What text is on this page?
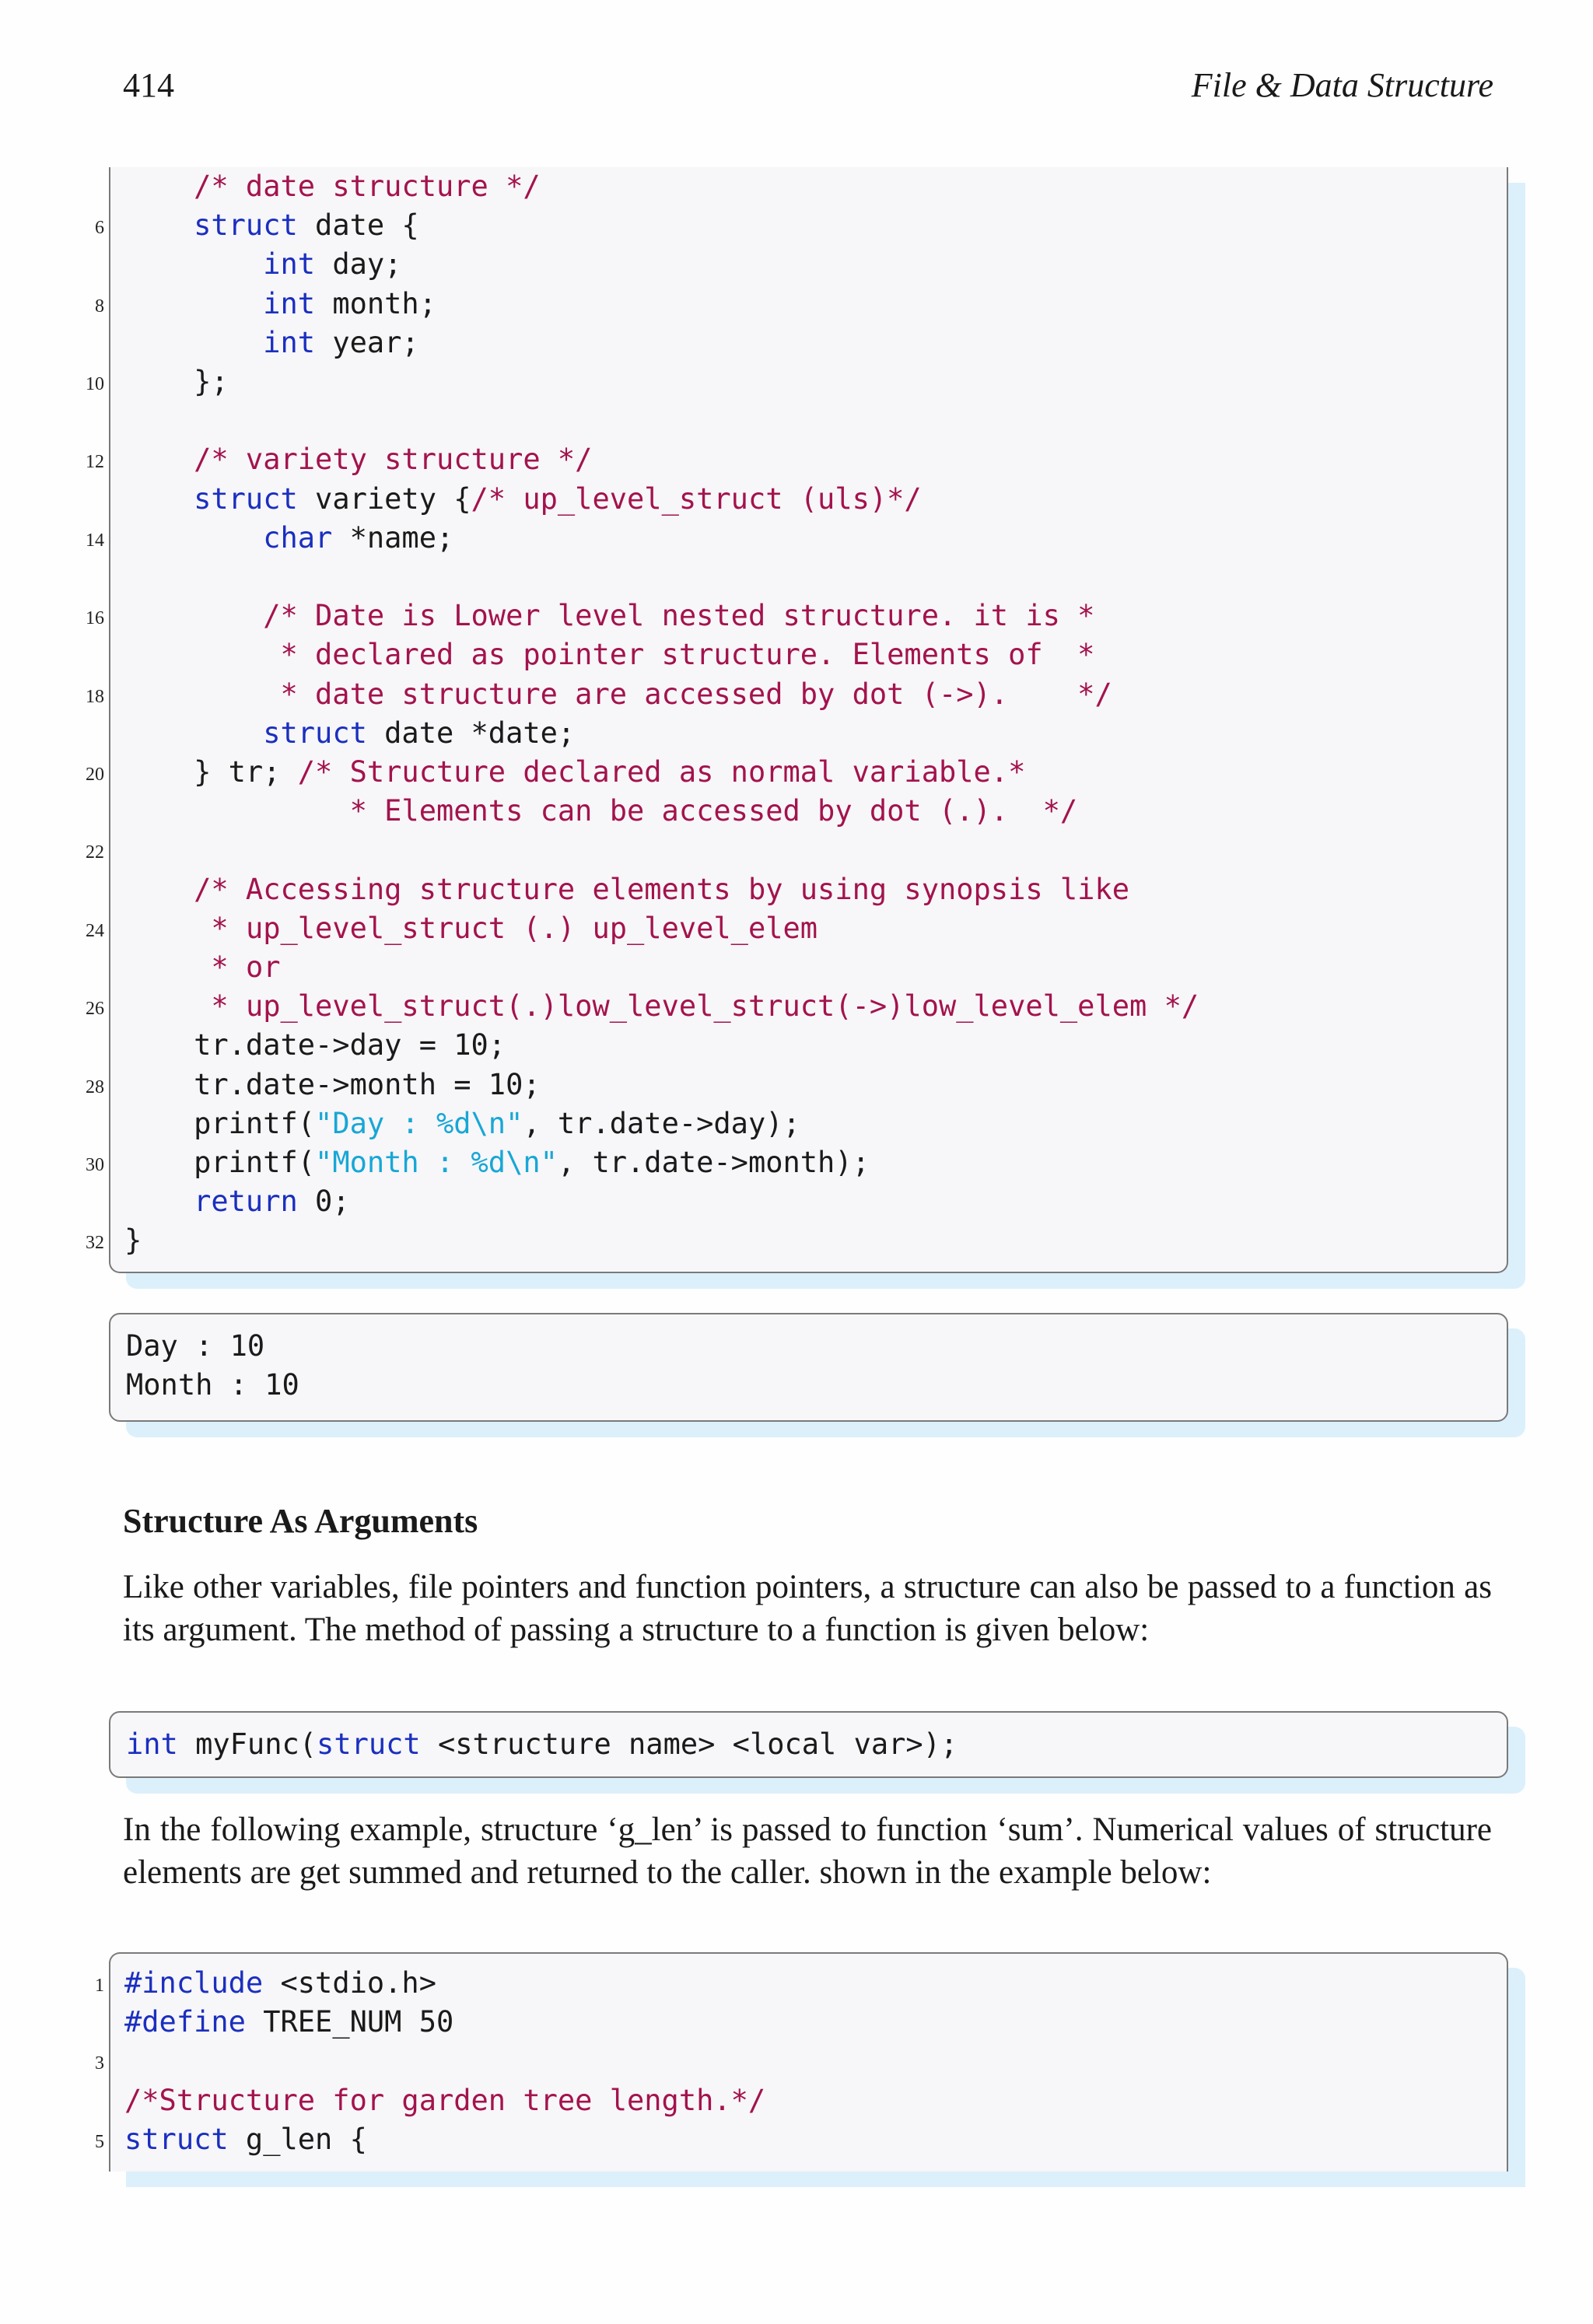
414	File & Data Structure
/* date structure */
6	struct date {
int day;
8	int month;
int year;
10 };
12	/* variety structure */
struct variety {/* up_level_struct (uls)*/
14	char *name;
16	/* Date is Lower level nested structure. it is *
* declared as pointer structure. Elements of  *
18	* date structure are accessed by dot (->).    */
struct date *date;
20 } tr; /* Structure declared as normal variable.*
* Elements can be accessed by dot (.).  */
22
/* Accessing structure elements by using synopsis like
24	* up_level_struct (.) up_level_elem
* or
26	* up_level_struct(.)low_level_struct(->)low_level_elem */
tr.date->day = 10;
28 tr.date->month = 10;
printf("Day : %d\n", tr.date->day);
30 printf("Month : %d\n", tr.date->month);
return 0;
32 }
Day : 10
Month : 10
Structure As Arguments
Like other variables, file pointers and function pointers, a structure can also be passed to a function as its argument. The method of passing a structure to a function is given below:
int myFunc(struct <structure name> <local var>);
In the following example, structure ‘g_len’ is passed to function ‘sum’. Numerical values of structure elements are get summed and returned to the caller. shown in the example below:
1 #include <stdio.h>
#define TREE_NUM 50
3
/*Structure for garden tree length.*/
5 struct g_len {
